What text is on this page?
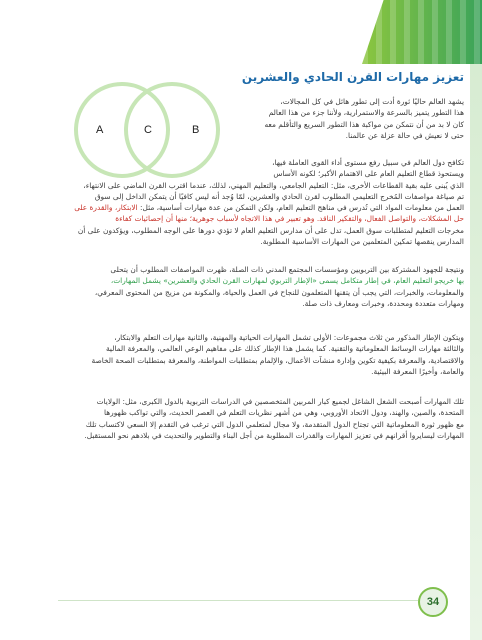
A	C	B
تعزيز مهارات القرن الحادي والعشرين
يشهد العالم حاليًا ثورة أدت إلى تطور هائل في كل المجالات،
هذا التطور يتميز بالسرعة والاستمرارية، ولأننا جزء من هذا العالم
كان لا بد من أن نتمكن من مواكبة هذا التطور السريع والتأقلم معه
حتى لا نعيش في حالة عزلة عن عالمنا.
تكافح دول العالم في سبيل رفع مستوى أداء القوى العاملة فيها،
ويستحوذ قطاع التعليم العام على الاهتمام الأكبر؛ لكونه الأساس
الذي يُبنى عليه بقية القطاعات الأخرى، مثل: التعليم الجامعي، والتعليم المهني، لذلك، عندما اقترب القرن الماضي على الانتهاء،
تم صياغة مواصفات المُخرج التعليمي المطلوب لقرن الحادي والعشرين، لمّا وُجد أنه ليس كافيًا أن يتمكن الداخل إلى سوق
العمل من معلومات المواد التي تُدرس في مناهج التعليم العام، ولكن التمكن من عدة مهارات أساسية، مثل: الابتكار، والقدرة على
حل المشكلات، والتواصل الفعال، والتفكير الناقد. وهو تعبير في هذا الاتجاه لأسباب جوهرية؛ منها أن إحصائيات كفاءة
مخرجات التعليم لمتطلبات سوق العمل، تدل على أن مدارس التعليم العام لا تؤدي دورها على الوجه المطلوب، ويؤكدون على أن
المدارس ينقصها تمكين المتعلمين من المهارات الأساسية المطلوبة.
ونتيجة للجهود المشتركة بين التربويين ومؤسسات المجتمع المدني ذات الصلة، ظهرت المواصفات المطلوب أن يتحلى
بها خريجو التعليم العام، في إطار متكامل يسمى «الإطار التربوي لمهارات القرن الحادي والعشرين» يشمل المهارات،
والمعلومات، والخبرات، التي يجب أن يتقنها المتعلمون للنجاح في العمل والحياة، والمكونة من مزيج من المحتوى المعرفي،
ومهارات متعددة ومحددة، وخبرات ومعارف ذات صلة.
ويتكون الإطار المذكور من ثلاث مجموعات: الأولى تشمل المهارات الحياتية والمهنية، والثانية مهارات التعلم والابتكار،
والثالثة مهارات الوسائط المعلوماتية والتقنية. كما يشمل هذا الإطار كذلك على مفاهيم الوعي العالمي، والمعرفة المالية
والاقتصادية، والمعرفة بكيفية تكوين وإدارة منشآت الأعمال، والإلمام بمتطلبات المواطنة، والمعرفة بمتطلبات الصحة الخاصة
والعامة، وأخيرًا المعرفة البيئية.
تلك المهارات أصبحت الشغل الشاغل لجميع كبار المربين المتخصصين في الدراسات التربوية بالدول الكبرى، مثل: الولايات
المتحدة، والصين، والهند، ودول الاتحاد الأوروبي، وهي من أشهر نظريات التعلم في العصر الحديث، والتي تواكب ظهورها
مع ظهور ثورة المعلوماتية التي تجتاح الدول المتقدمة، ولا مجال لمتعلمي الدول التي ترغب في التقدم إلا السعي لاكتساب تلك
المهارات ليسايروا أقرانهم في تعزيز المهارات والقدرات المطلوبة من أجل البناء والتطوير والتحديث في بلادهم نحو المستقبل.
34
